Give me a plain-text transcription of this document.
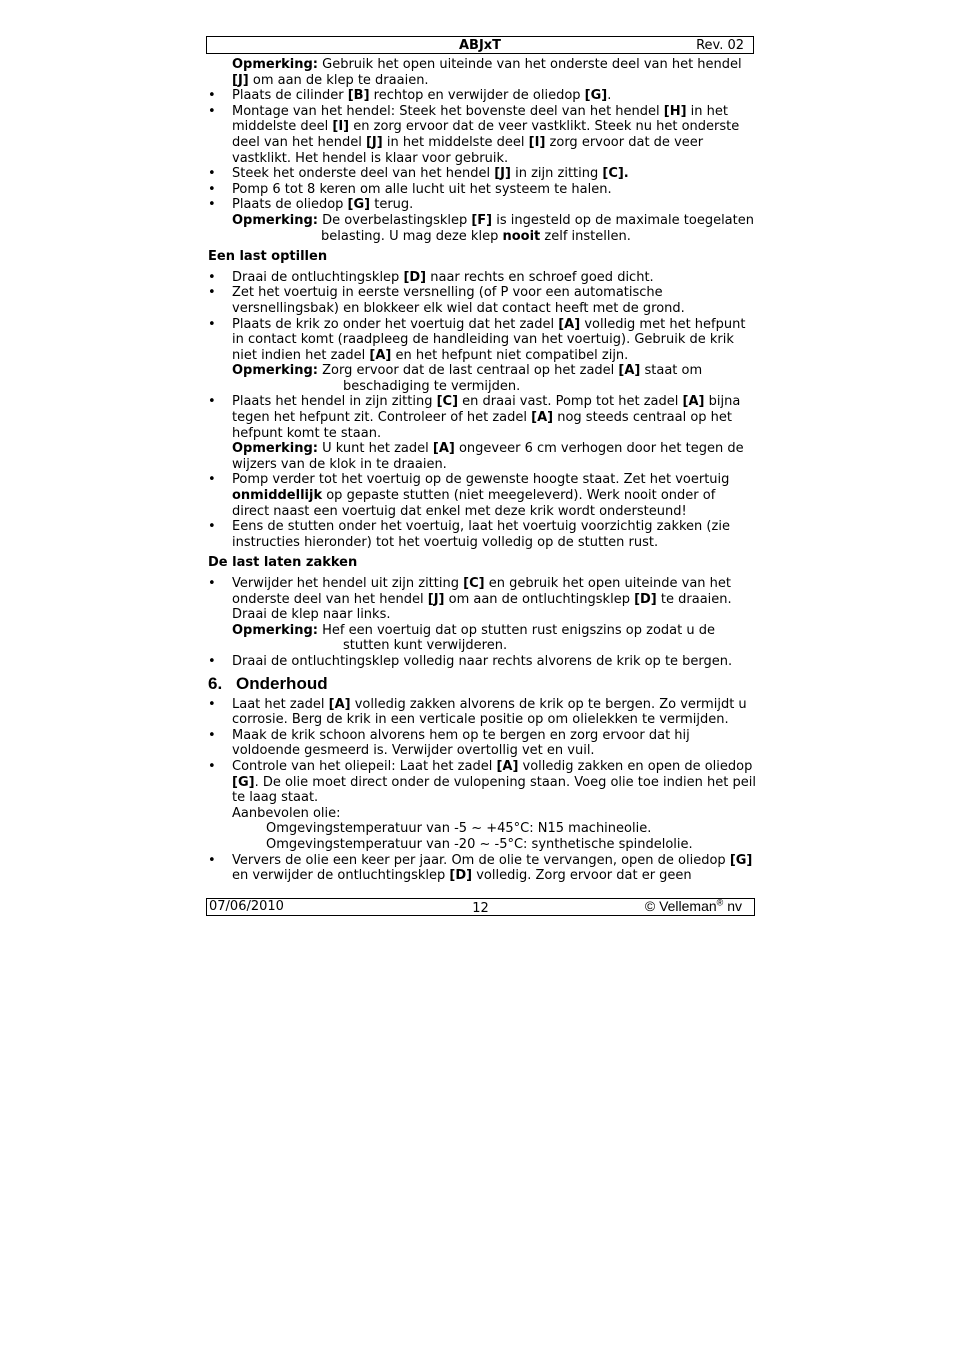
ABJxT	Rev. 02
Opmerking: Gebruik het open uiteinde van het onderste deel van het hendel [J] om aan de klep te draaien.
• Plaats de cilinder [B] rechtop en verwijder de oliedop [G].
• Montage van het hendel: Steek het bovenste deel van het hendel [H] in het middelste deel [I] en zorg ervoor dat de veer vastklikt. Steek nu het onderste deel van het hendel [J] in het middelste deel [I] zorg ervoor dat de veer vastklikt. Het hendel is klaar voor gebruik.
• Steek het onderste deel van het hendel [J] in zijn zitting [C].
• Pomp 6 tot 8 keren om alle lucht uit het systeem te halen.
• Plaats de oliedop [G] terug.
Opmerking: De overbelastingsklep [F] is ingesteld op de maximale toegelaten belasting. U mag deze klep nooit zelf instellen.
Een last optillen
• Draai de ontluchtingsklep [D] naar rechts en schroef goed dicht.
• Zet het voertuig in eerste versnelling (of P voor een automatische versnellingsbak) en blokkeer elk wiel dat contact heeft met de grond.
• Plaats de krik zo onder het voertuig dat het zadel [A] volledig met het hefpunt in contact komt (raadpleeg de handleiding van het voertuig). Gebruik de krik niet indien het zadel [A] en het hefpunt niet compatibel zijn.
Opmerking: Zorg ervoor dat de last centraal op het zadel [A] staat om beschadiging te vermijden.
• Plaats het hendel in zijn zitting [C] en draai vast. Pomp tot het zadel [A] bijna tegen het hefpunt zit. Controleer of het zadel [A] nog steeds centraal op het hefpunt komt te staan.
Opmerking: U kunt het zadel [A] ongeveer 6 cm verhogen door het tegen de wijzers van de klok in te draaien.
• Pomp verder tot het voertuig op de gewenste hoogte staat. Zet het voertuig onmiddellijk op gepaste stutten (niet meegeleverd). Werk nooit onder of direct naast een voertuig dat enkel met deze krik wordt ondersteund!
• Eens de stutten onder het voertuig, laat het voertuig voorzichtig zakken (zie instructies hieronder) tot het voertuig volledig op de stutten rust.
De last laten zakken
• Verwijder het hendel uit zijn zitting [C] en gebruik het open uiteinde van het onderste deel van het hendel [J] om aan de ontluchtingsklep [D] te draaien. Draai de klep naar links.
Opmerking: Hef een voertuig dat op stutten rust enigszins op zodat u de stutten kunt verwijderen.
• Draai de ontluchtingsklep volledig naar rechts alvorens de krik op te bergen.
6. Onderhoud
• Laat het zadel [A] volledig zakken alvorens de krik op te bergen. Zo vermijdt u corrosie. Berg de krik in een verticale positie op om olielekken te vermijden.
• Maak de krik schoon alvorens hem op te bergen en zorg ervoor dat hij voldoende gesmeerd is. Verwijder overtollig vet en vuil.
• Controle van het oliepeil: Laat het zadel [A] volledig zakken en open de oliedop [G]. De olie moet direct onder de vulopening staan. Voeg olie toe indien het peil te laag staat.
Aanbevolen olie:
Omgevingstemperatuur van -5 ~ +45°C: N15 machineolie.
Omgevingstemperatuur van -20 ~ -5°C: synthetische spindelolie.
• Ververs de olie een keer per jaar. Om de olie te vervangen, open de oliedop [G] en verwijder de ontluchtingsklep [D] volledig. Zorg ervoor dat er geen
07/06/2010	12	© Velleman® nv
